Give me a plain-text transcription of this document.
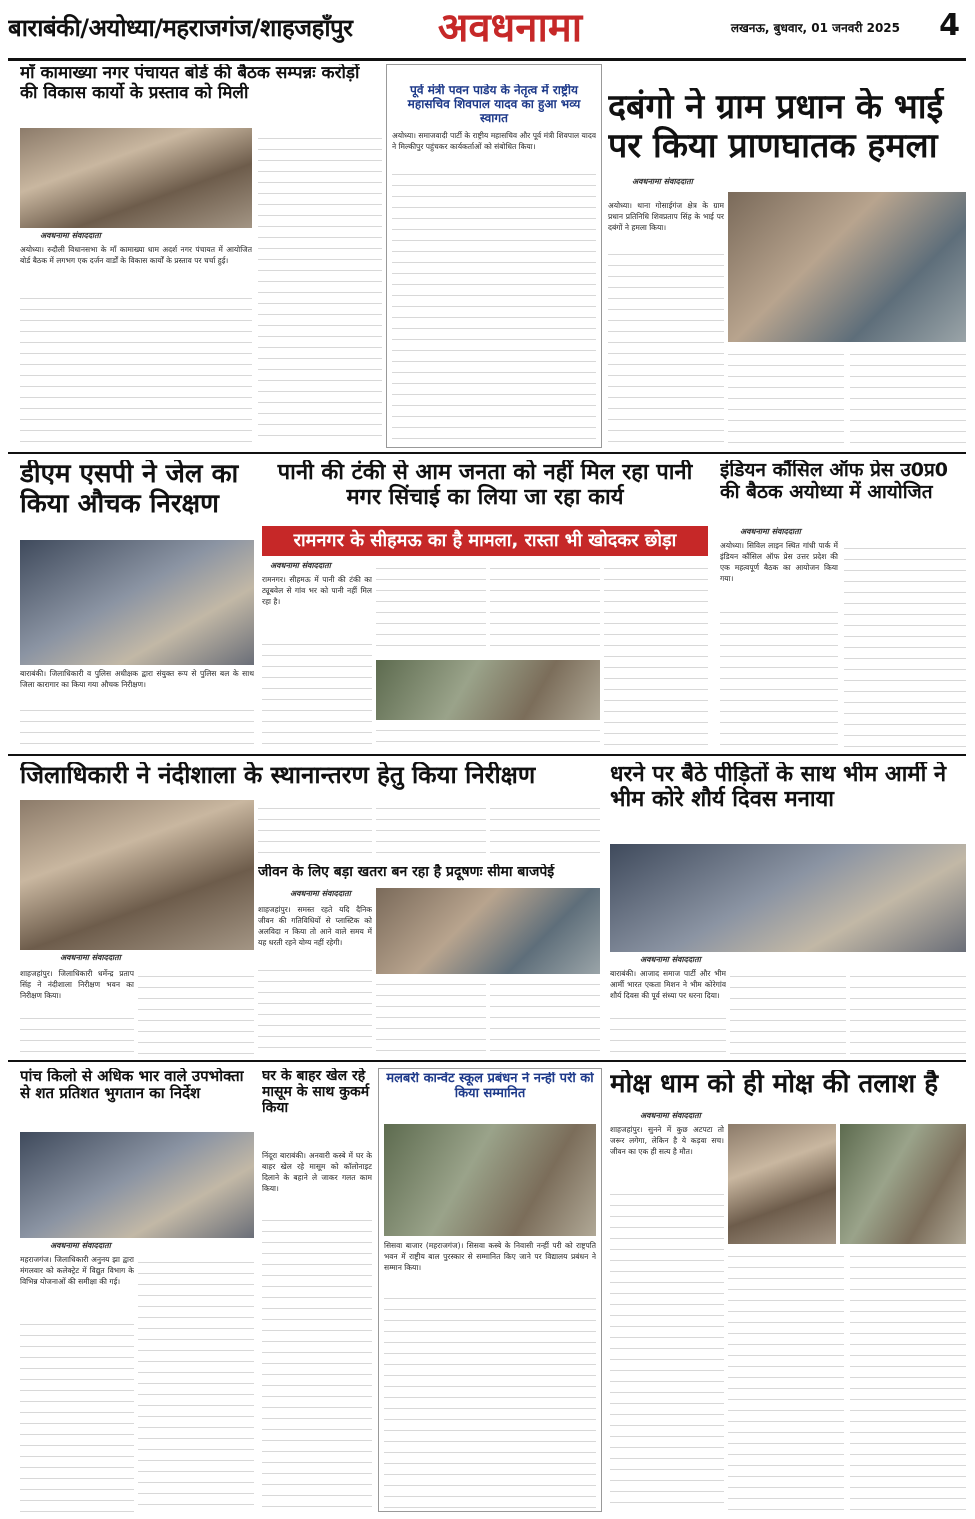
बाराबंकी/अयोध्या/महराजगंज/शाहजहाँपुर	अवधनामा	लखनऊ, बुधवार, 01 जनवरी 2025	4
माँ कामाख्या नगर पंचायत बोर्ड की बैठक सम्पन्नः करोड़ों की विकास कार्यो के प्रस्ताव को मिली
अवधनामा संवाददाता
अयोध्या। रुदौली विधानसभा के माँ कामाख्या धाम अदर्श नगर पंचायत में आयोजित बोर्ड बैठक में लगभग एक दर्जन वार्डों के विकास कार्यों के प्रस्ताव पर चर्चा हुई।
पूर्व मंत्री पवन पाडेय के नेतृत्व में राष्ट्रीय महासचिव शिवपाल यादव का हुआ भव्य स्वागत
अयोध्या। समाजवादी पार्टी के राष्ट्रीय महासचिव और पूर्व मंत्री शिवपाल यादव ने मिल्कीपुर पहुंचकर कार्यकर्ताओं को संबोधित किया।
दबंगो ने ग्राम प्रधान के भाई पर किया प्राणघातक हमला
अवधनामा संवाददाता
अयोध्या। थाना गोसाईगंज क्षेत्र के ग्राम प्रधान प्रतिनिधि शिवप्रताप सिंह के भाई पर दबंगों ने हमला किया।
डीएम एसपी ने जेल का किया औचक निरक्षण
बाराबंकी। जिलाधिकारी व पुलिस अधीक्षक द्वारा संयुक्त रूप से पुलिस बल के साथ जिला कारागार का किया गया औचक निरीक्षण।
पानी की टंकी से आम जनता को नहीं मिल रहा पानी मगर सिंचाई का लिया जा रहा कार्य
रामनगर के सीहमऊ का है मामला, रास्ता भी खोदकर छोड़ा
अवधनामा संवाददाता
रामनगर। सीहमऊ में पानी की टंकी का ट्यूबवेल से गांव भर को पानी नहीं मिल रहा है।
इंडियन कौंसिल ऑफ प्रेस उ0प्र0 की बैठक अयोध्या में आयोजित
अवधनामा संवाददाता
अयोध्या। सिविल लाइन स्थित गांधी पार्क में इंडियन कौंसिल ऑफ प्रेस उत्तर प्रदेश की एक महत्वपूर्ण बैठक का आयोजन किया गया।
जिलाधिकारी ने नंदीशाला के स्थानान्तरण हेतु किया निरीक्षण
अवधनामा संवाददाता
शाहजहांपुर। जिलाधिकारी धर्मेन्द्र प्रताप सिंह ने नंदीशाला निरीक्षण भवन का निरीक्षण किया।
जीवन के लिए बड़ा खतरा बन रहा है प्रदूषणः सीमा बाजपेई
अवधनामा संवाददाता
शाहजहांपुर। समस्त रहते यदि दैनिक जीवन की गतिविधियों से प्लास्टिक को अलविदा न किया तो आने वाले समय में यह धरती रहने योग्य नहीं रहेगी।
धरने पर बैठे पीड़ितों के साथ भीम आर्मी ने भीम कोरे शौर्य दिवस मनाया
अवधनामा संवाददाता
बाराबंकी। आजाद समाज पार्टी और भीम आर्मी भारत एकता मिशन ने भीम कोरेगांव शौर्य दिवस की पूर्व संध्या पर धरना दिया।
पांच किलो से अधिक भार वाले उपभोक्ता से शत प्रतिशत भुगतान का निर्देश
अवधनामा संवाददाता
महराजगंज। जिलाधिकारी अनुनय झा द्वारा मंगलवार को कलेक्ट्रेट में विद्युत विभाग के विभिन्न योजनाओं की समीक्षा की गई।
घर के बाहर खेल रहे मासूम के साथ कुकर्म किया
निंदूरा बाराबंकी। अनवारी कस्बे में घर के बाहर खेल रहे मासूम को कॉलोनाइट दिलाने के बहाने ले जाकर गलत काम किया।
मलबरी कान्वेंट स्कूल प्रबंधन ने नन्हीं परी को किया सम्मानित
सिसवा बाजार (महराजगंज)। सिसवा कस्बे के निवासी नन्हीं परी को राष्ट्रपति भवन में राष्ट्रीय बाल पुरस्कार से सम्मानित किए जाने पर विद्यालय प्रबंधन ने सम्मान किया।
मोक्ष धाम को ही मोक्ष की तलाश है
अवधनामा संवाददाता
शाहजहांपुर। सुनने में कुछ अटपटा तो जरूर लगेगा, लेकिन है ये कड़वा सच। जीवन का एक ही सत्य है मौत।
